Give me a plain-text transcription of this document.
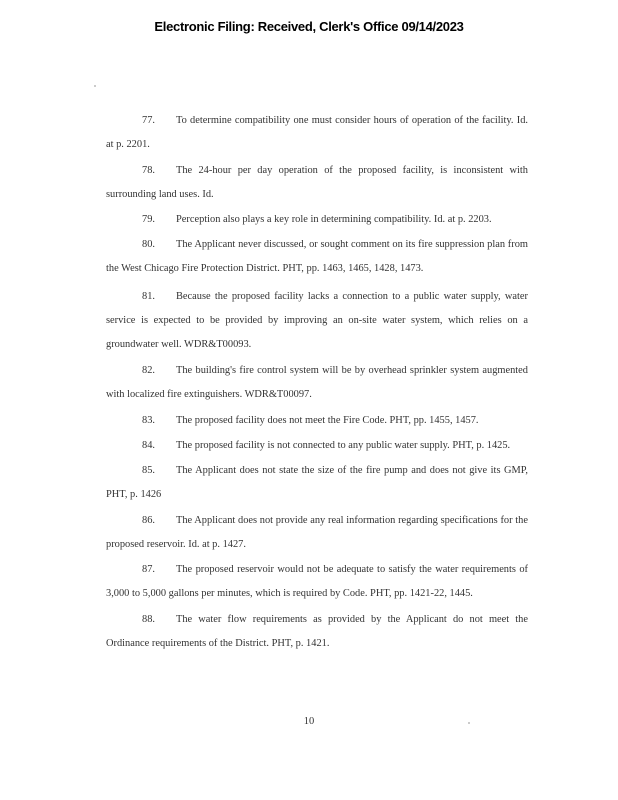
Electronic Filing: Received, Clerk's Office 09/14/2023

77. To determine compatibility one must consider hours of operation of the facility. Id. at p. 2201.

78. The 24-hour per day operation of the proposed facility, is inconsistent with surrounding land uses. Id.

79. Perception also plays a key role in determining compatibility. Id. at p. 2203.

80. The Applicant never discussed, or sought comment on its fire suppression plan from the West Chicago Fire Protection District. PHT, pp. 1463, 1465, 1428, 1473.

81. Because the proposed facility lacks a connection to a public water supply, water service is expected to be provided by improving an on-site water system, which relies on a groundwater well. WDR&T00093.

82. The building's fire control system will be by overhead sprinkler system augmented with localized fire extinguishers. WDR&T00097.

83. The proposed facility does not meet the Fire Code. PHT, pp. 1455, 1457.

84. The proposed facility is not connected to any public water supply. PHT, p. 1425.

85. The Applicant does not state the size of the fire pump and does not give its GMP, PHT, p. 1426

86. The Applicant does not provide any real information regarding specifications for the proposed reservoir. Id. at p. 1427.

87. The proposed reservoir would not be adequate to satisfy the water requirements of 3,000 to 5,000 gallons per minutes, which is required by Code. PHT, pp. 1421-22, 1445.

88. The water flow requirements as provided by the Applicant do not meet the Ordinance requirements of the District. PHT, p. 1421.

10
